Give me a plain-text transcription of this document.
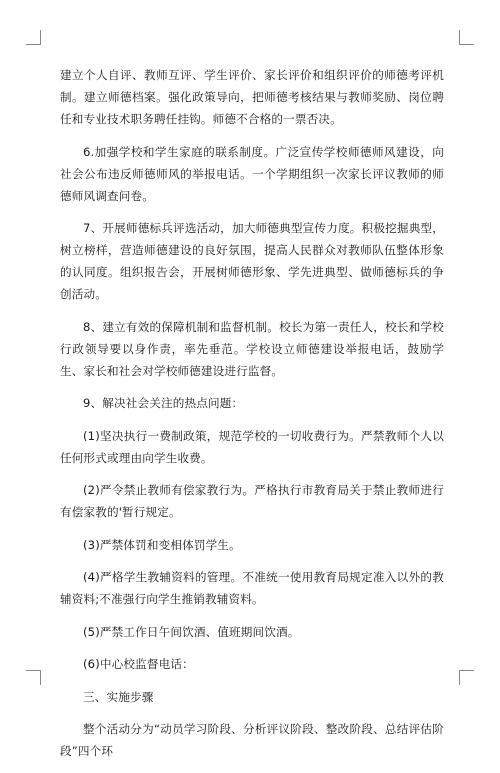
建立个人自评、教师互评、学生评价、家长评价和组织评价的师德考评机制。建立师德档案。强化政策导向，把师德考核结果与教师奖励、岗位聘任和专业技术职务聘任挂钩。师德不合格的一票否决。

6.加强学校和学生家庭的联系制度。广泛宣传学校师德师风建设，向社会公布违反师德师风的举报电话。一个学期组织一次家长评议教师的师德师风调查问卷。

7、开展师德标兵评选活动，加大师德典型宣传力度。积极挖掘典型，树立榜样，营造师德建设的良好氛围，提高人民群众对教师队伍整体形象的认同度。组织报告会，开展树师德形象、学先进典型、做师德标兵的争创活动。

8、建立有效的保障机制和监督机制。校长为第一责任人，校长和学校行政领导要以身作责，率先垂范。学校设立师德建设举报电话，鼓励学生、家长和社会对学校师德建设进行监督。

9、解决社会关注的热点问题：

(1)坚决执行一费制政策，规范学校的一切收费行为。严禁教师个人以任何形式或理由向学生收费。

(2)严令禁止教师有偿家教行为。严格执行市教育局关于禁止教师进行有偿家教的'暂行规定。

(3)严禁体罚和变相体罚学生。

(4)严格学生教辅资料的管理。不准统一使用教育局规定准入以外的教辅资料;不准强行向学生推销教辅资料。

(5)严禁工作日午间饮酒、值班期间饮酒。

(6)中心校监督电话：

三、实施步骤

整个活动分为“动员学习阶段、分析评议阶段、整改阶段、总结评估阶段”四个环
